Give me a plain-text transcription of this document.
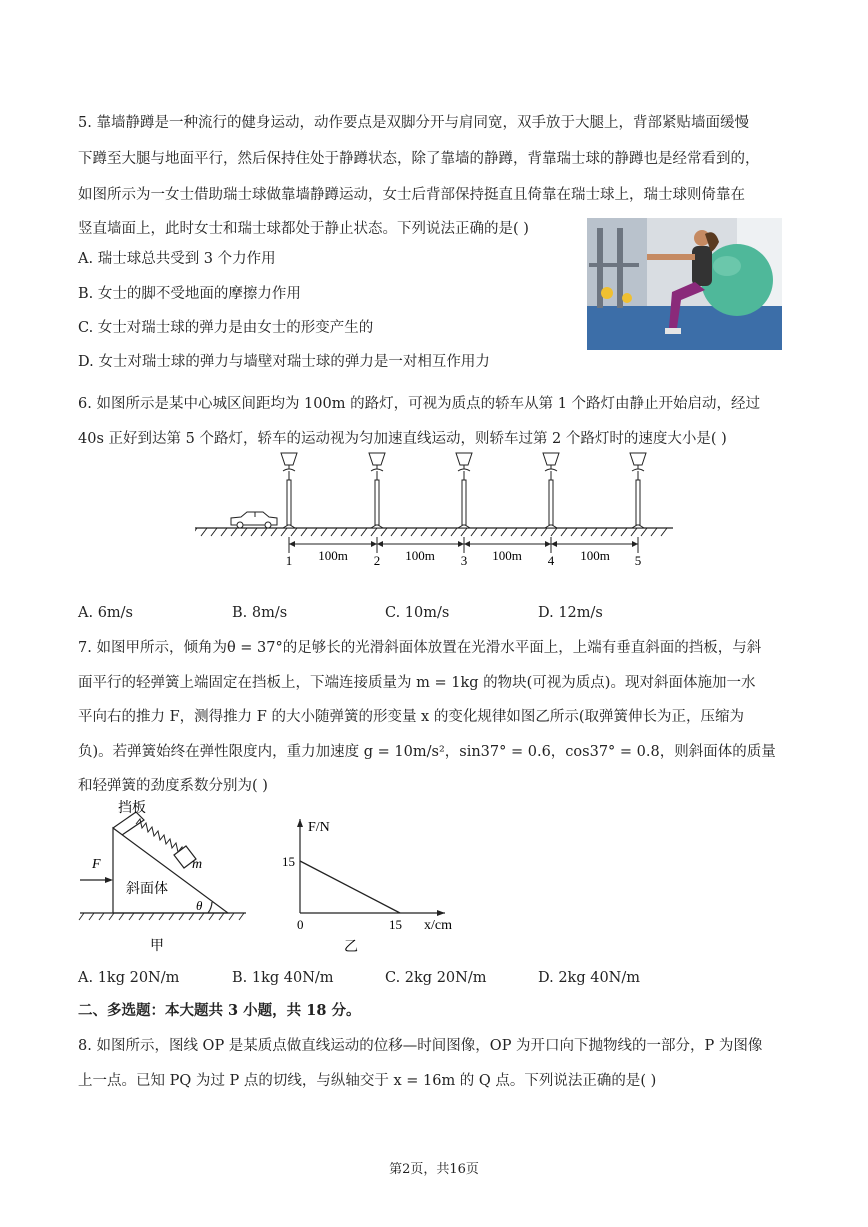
5. 靠墙静蹲是一种流行的健身运动，动作要点是双脚分开与肩同宽，双手放于大腿上，背部紧贴墙面缓慢
下蹲至大腿与地面平行，然后保持住处于静蹲状态，除了靠墙的静蹲，背靠瑞士球的静蹲也是经常看到的，
如图所示为一女士借助瑞士球做靠墙静蹲运动，女士后背部保持挺直且倚靠在瑞士球上，瑞士球则倚靠在
竖直墙面上，此时女士和瑞士球都处于静止状态。下列说法正确的是( )
A. 瑞士球总共受到 3 个力作用
B. 女士的脚不受地面的摩擦力作用
C. 女士对瑞士球的弹力是由女士的形变产生的
D. 女士对瑞士球的弹力与墙壁对瑞士球的弹力是一对相互作用力
6. 如图所示是某中心城区间距均为 100m 的路灯，可视为质点的轿车从第 1 个路灯由静止开始启动，经过
40s 正好到达第 5 个路灯，轿车的运动视为匀加速直线运动，则轿车过第 2 个路灯时的速度大小是( )
100m	100m	100m	100m
1	2	3	4	5
A. 6m/s	B. 8m/s	C. 10m/s	D. 12m/s
7. 如图甲所示，倾角为θ = 37°的足够长的光滑斜面体放置在光滑水平面上，上端有垂直斜面的挡板，与斜
面平行的轻弹簧上端固定在挡板上，下端连接质量为 m = 1kg 的物块(可视为质点)。现对斜面体施加一水
平向右的推力 F，测得推力 F 的大小随弹簧的形变量 x 的变化规律如图乙所示(取弹簧伸长为正，压缩为
负)。若弹簧始终在弹性限度内，重力加速度 g = 10m/s²，sin37° = 0.6，cos37° = 0.8，则斜面体的质量
和轻弹簧的劲度系数分别为( )
挡板
F	m
斜面体
θ
甲
F/N
x/cm
0
15
15
乙
A. 1kg 20N/m	B. 1kg 40N/m	C. 2kg 20N/m	D. 2kg 40N/m
二、多选题：本大题共 3 小题，共 18 分。
8. 如图所示，图线 OP 是某质点做直线运动的位移—时间图像，OP 为开口向下抛物线的一部分，P 为图像
上一点。已知 PQ 为过 P 点的切线，与纵轴交于 x = 16m 的 Q 点。下列说法正确的是( )
第2页，共16页
